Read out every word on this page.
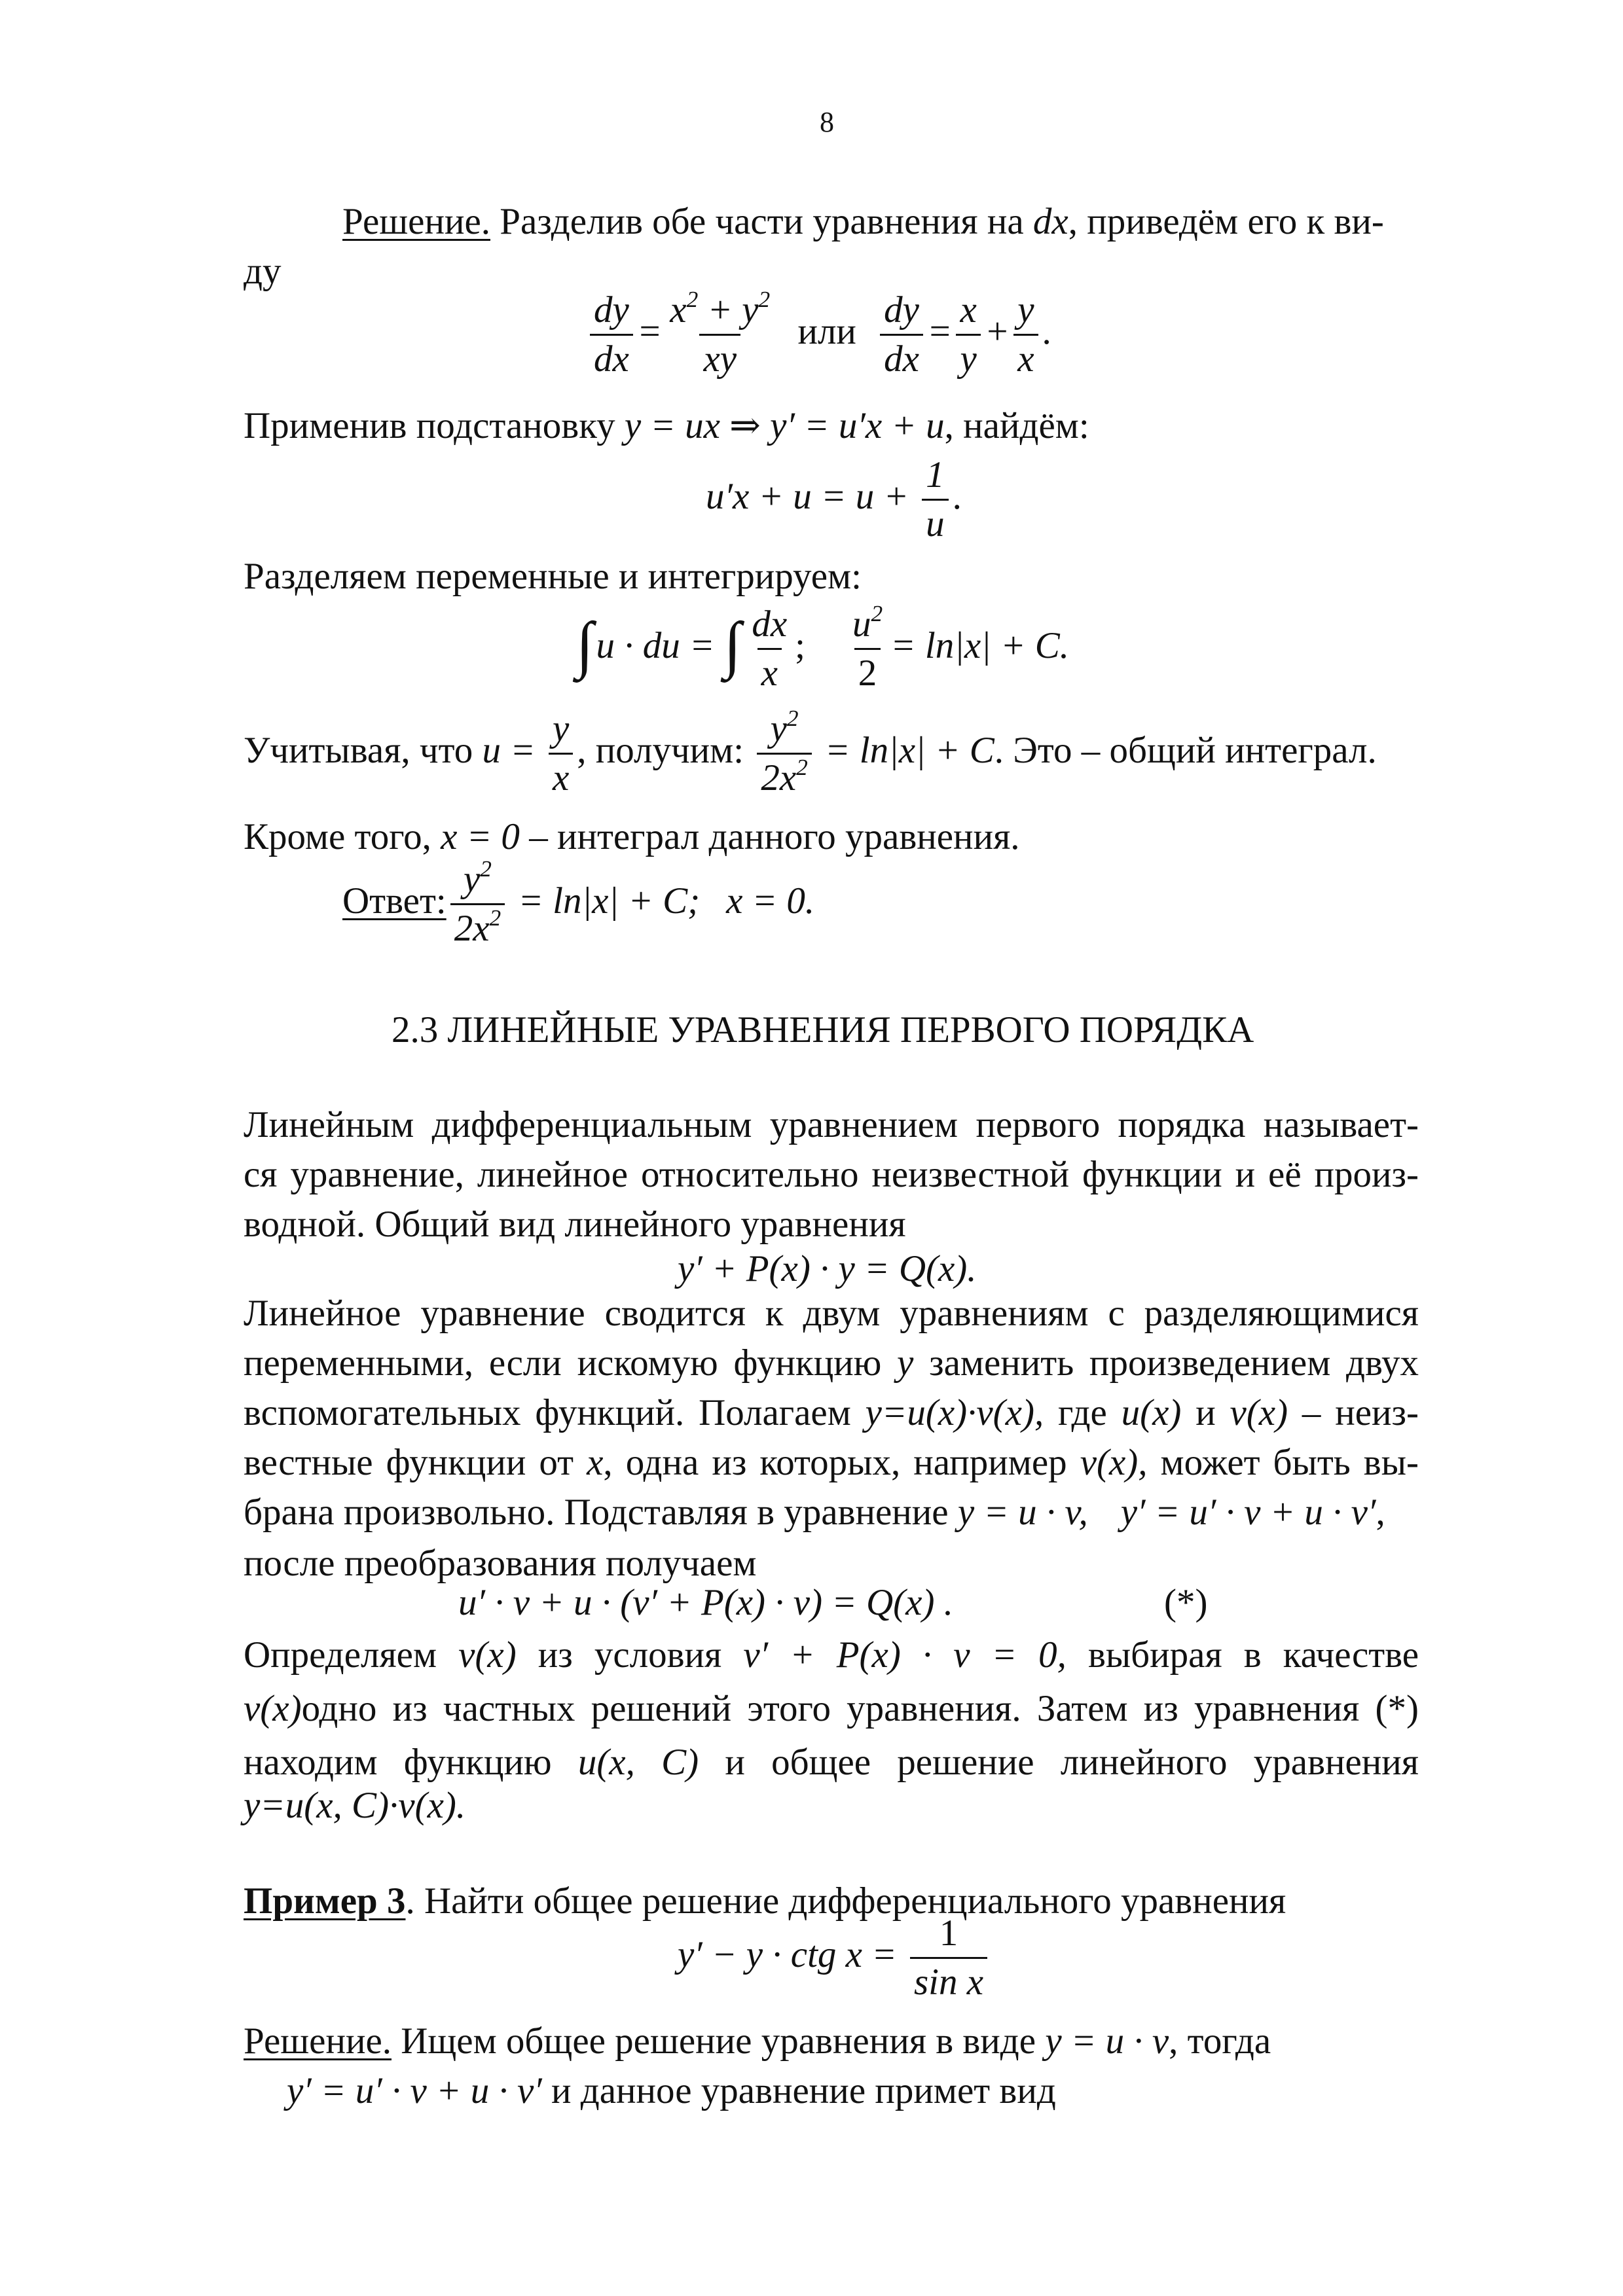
8
Решение. Разделив обе части уравнения на dx, приведём его к ви-
ду
$\frac{dy}{dx} = \frac{x^2 + y^2}{xy}$ или $\frac{dy}{dx} = \frac{x}{y} + \frac{y}{x}$ .
Применив подстановку y = ux ⇒ y′ = u′x + u, найдём:
$u'x + u = u + \frac{1}{u}$ .
Разделяем переменные и интегрируем:
∫u · du = ∫ $\frac{dx}{x}$ ; $\frac{u^2}{2} = \ln|x| + C$.
Учитывая, что $u = \frac{y}{x}$ , получим: $\frac{y^2}{2x^2} = \ln|x| + C$. Это – общий интеграл.
Кроме того, x = 0 – интеграл данного уравнения.
Ответ: $\frac{y^2}{2x^2} = \ln|x| + C$; x = 0.
2.3 ЛИНЕЙНЫЕ УРАВНЕНИЯ ПЕРВОГО ПОРЯДКА
Линейным дифференциальным уравнением первого порядка называет-
ся уравнение, линейное относительно неизвестной функции и её произ-
водной. Общий вид линейного уравнения
y′ + P(x) · y = Q(x).
Линейное уравнение сводится к двум уравнениям с разделяющимися
переменными, если искомую функцию y заменить произведением двух
вспомогательных функций. Полагаем y=u(x)·v(x), где u(x) и v(x) – неиз-
вестные функции от x, одна из которых, например v(x), может быть вы-
брана произвольно. Подставляя в уравнение y = u · v, y′ = u′ · v + u · v′,
после преобразования получаем
u′ · v + u · (v′ + P(x) · v) = Q(x) .	(*)
Определяем v(x) из условия v′ + P(x) · v = 0, выбирая в качестве
v(x)одно из частных решений этого уравнения. Затем из уравнения (*)
находим функцию u(x, C) и общее решение линейного уравнения
y=u(x, C)·v(x).
Пример 3. Найти общее решение дифференциального уравнения
y′ − y · ctg $x = \frac{1}{\text{sin x}}$
Решение. Ищем общее решение уравнения в виде y = u · v, тогда
y′ = u′ · v + u · v′ и данное уравнение примет вид
